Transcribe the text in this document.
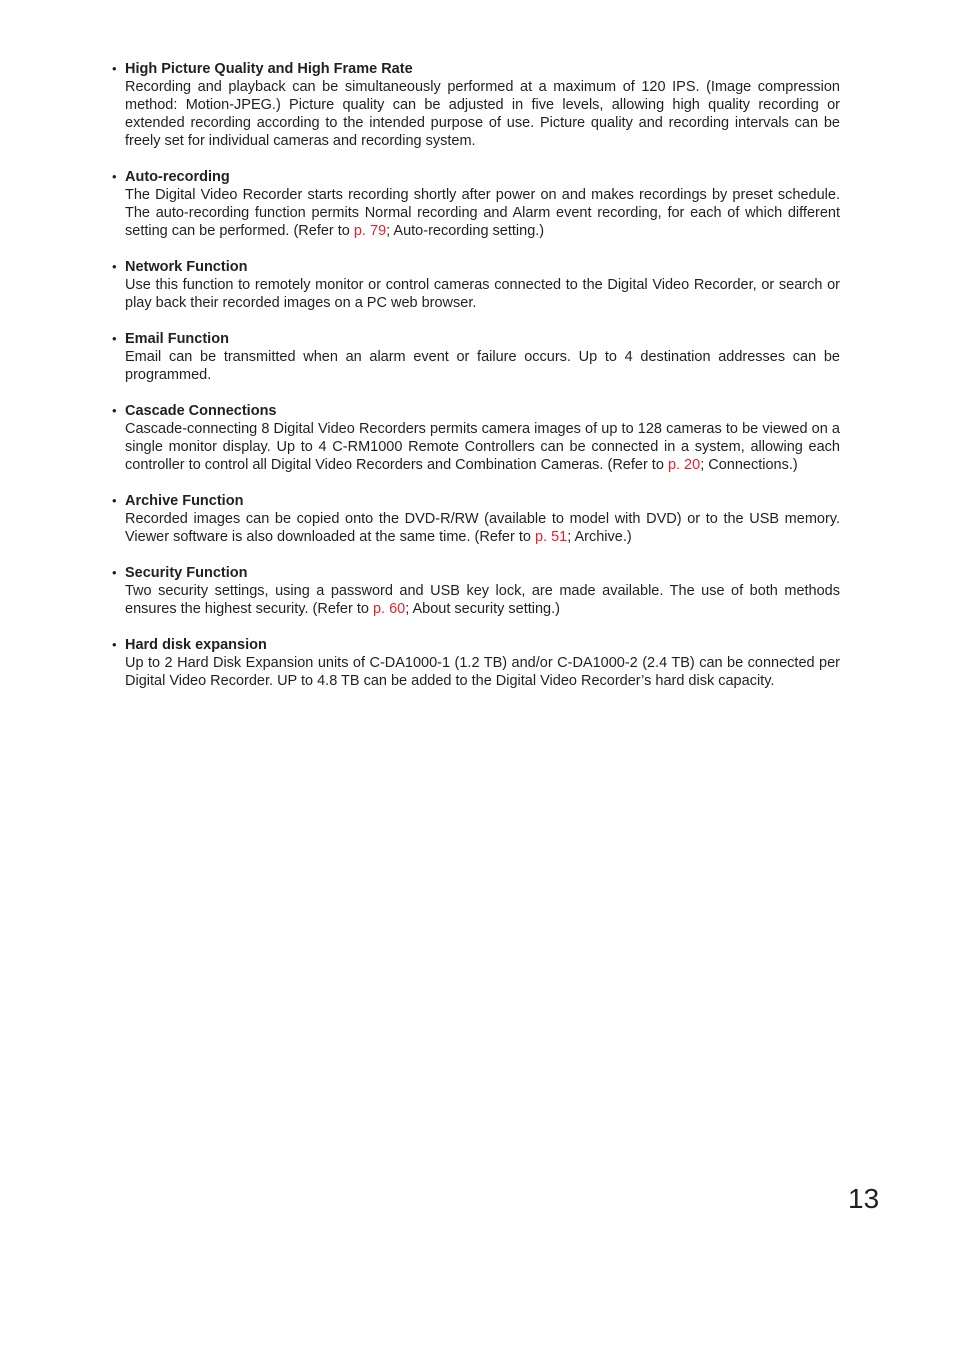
• High Picture Quality and High Frame Rate
Recording and playback can be simultaneously performed at a maximum of 120 IPS. (Image compression method: Motion-JPEG.) Picture quality can be adjusted in five levels, allowing high quality recording or extended recording according to the intended purpose of use. Picture quality and recording intervals can be freely set for individual cameras and recording system.
• Auto-recording
The Digital Video Recorder starts recording shortly after power on and makes recordings by preset schedule. The auto-recording function permits Normal recording and Alarm event recording, for each of which different setting can be performed. (Refer to p. 79; Auto-recording setting.)
• Network Function
Use this function to remotely monitor or control cameras connected to the Digital Video Recorder, or search or play back their recorded images on a PC web browser.
• Email Function
Email can be transmitted when an alarm event or failure occurs. Up to 4 destination addresses can be programmed.
• Cascade Connections
Cascade-connecting 8 Digital Video Recorders permits camera images of up to 128 cameras to be viewed on a single monitor display. Up to 4 C-RM1000 Remote Controllers can be connected in a system, allowing each controller to control all Digital Video Recorders and Combination Cameras. (Refer to p. 20; Connections.)
• Archive Function
Recorded images can be copied onto the DVD-R/RW (available to model with DVD) or to the USB memory. Viewer software is also downloaded at the same time. (Refer to p. 51; Archive.)
• Security Function
Two security settings, using a password and USB key lock, are made available. The use of both methods ensures the highest security. (Refer to p. 60; About security setting.)
• Hard disk expansion
Up to 2 Hard Disk Expansion units of C-DA1000-1 (1.2 TB) and/or C-DA1000-2 (2.4 TB) can be connected per Digital Video Recorder. UP to 4.8 TB can be added to the Digital Video Recorder’s hard disk capacity.
13
